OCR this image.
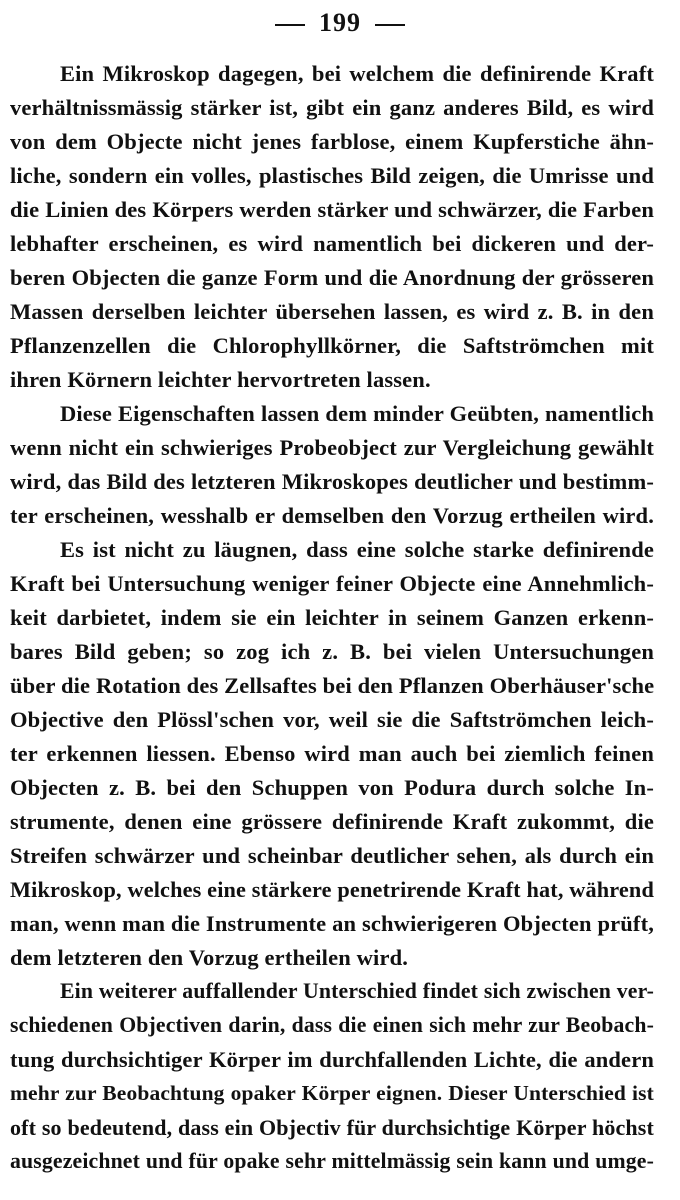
199
Ein Mikroskop dagegen, bei welchem die definirende Kraft
verhältnissmässig stärker ist, gibt ein ganz anderes Bild, es wird
von dem Objecte nicht jenes farblose, einem Kupferstiche ähn-
liche, sondern ein volles, plastisches Bild zeigen, die Umrisse und
die Linien des Körpers werden stärker und schwärzer, die Farben
lebhafter erscheinen, es wird namentlich bei dickeren und der-
beren Objecten die ganze Form und die Anordnung der grösseren
Massen derselben leichter übersehen lassen, es wird z. B. in den
Pflanzenzellen die Chlorophyllkörner, die Saftströmchen mit
ihren Körnern leichter hervortreten lassen.
Diese Eigenschaften lassen dem minder Geübten, namentlich
wenn nicht ein schwieriges Probeobject zur Vergleichung gewählt
wird, das Bild des letzteren Mikroskopes deutlicher und bestimm-
ter erscheinen, wesshalb er demselben den Vorzug ertheilen wird.
Es ist nicht zu läugnen, dass eine solche starke definirende
Kraft bei Untersuchung weniger feiner Objecte eine Annehmlich-
keit darbietet, indem sie ein leichter in seinem Ganzen erkenn-
bares Bild geben; so zog ich z. B. bei vielen Untersuchungen
über die Rotation des Zellsaftes bei den Pflanzen Oberhäuser'sche
Objective den Plössl'schen vor, weil sie die Saftströmchen leich-
ter erkennen liessen. Ebenso wird man auch bei ziemlich feinen
Objecten z. B. bei den Schuppen von Podura durch solche In-
strumente, denen eine grössere definirende Kraft zukommt, die
Streifen schwärzer und scheinbar deutlicher sehen, als durch ein
Mikroskop, welches eine stärkere penetrirende Kraft hat, während
man, wenn man die Instrumente an schwierigeren Objecten prüft,
dem letzteren den Vorzug ertheilen wird.
Ein weiterer auffallender Unterschied findet sich zwischen ver-
schiedenen Objectiven darin, dass die einen sich mehr zur Beobach-
tung durchsichtiger Körper im durchfallenden Lichte, die andern
mehr zur Beobachtung opaker Körper eignen. Dieser Unterschied ist
oft so bedeutend, dass ein Objectiv für durchsichtige Körper höchst
ausgezeichnet und für opake sehr mittelmässig sein kann und umge-
